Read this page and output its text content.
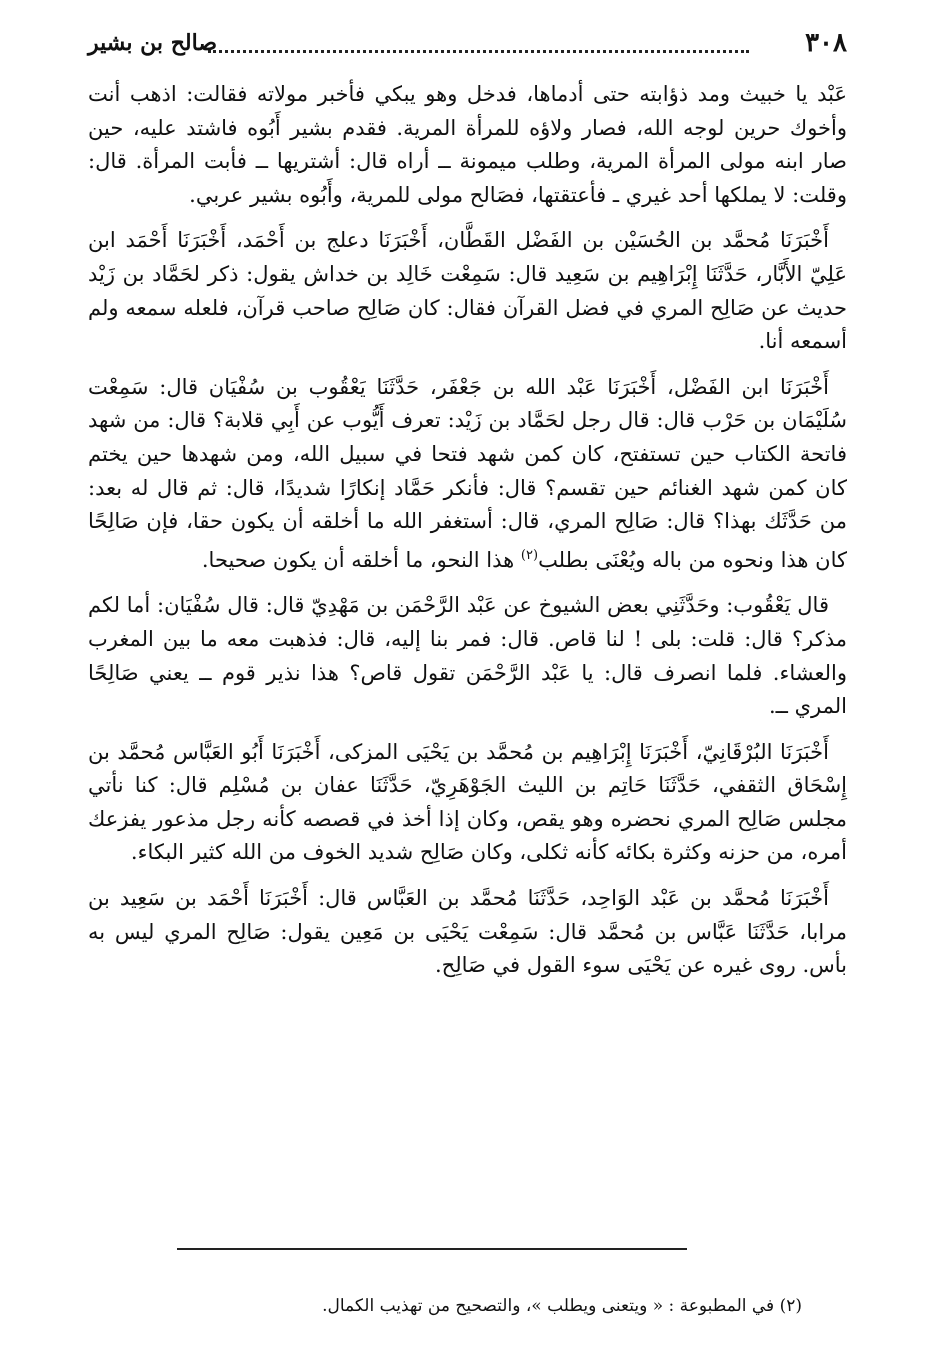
٣٠٨
صالح بن بشير

عَبْد يا خبيث ومد ذؤابته حتى أدماها، فدخل وهو يبكي فأخبر مولاته فقالت: اذهب أنت وأخوك حرين لوجه الله، فصار ولاؤه للمرأة المرية. فقدم بشير أَبُوه فاشتد عليه، حين صار ابنه مولى المرأة المرية، وطلب ميمونة ــ أراه قال: أشتريها ــ فأبت المرأة. قال: وقلت: لا يملكها أحد غيري ـ فأعتقتها، فصَالح مولى للمرية، وأَبُوه بشير عربي.

أَخْبَرَنَا مُحمَّد بن الحُسَيْن بن الفَضْل القَطَّان، أَخْبَرَنَا دعلج بن أَحْمَد، أَخْبَرَنَا أَحْمَد ابن عَلِيّ الأَبَّار، حَدَّثَنَا إِبْرَاهِيم بن سَعِيد قال: سَمِعْت خَالِد بن خداش يقول: ذكر لحَمَّاد بن زَيْد حديث عن صَالِح المري في فضل القرآن فقال: كان صَالِح صاحب قرآن، فلعله سمعه ولم أسمعه أنا.

أَخْبَرَنَا ابن الفَضْل، أَخْبَرَنَا عَبْد الله بن جَعْفَر، حَدَّثَنَا يَعْقُوب بن سُفْيَان قال: سَمِعْت سُلَيْمَان بن حَرْب قال: قال رجل لحَمَّاد بن زَيْد: تعرف أَيُّوب عن أَبِي قلابة؟ قال: من شهد فاتحة الكتاب حين تستفتح، كان كمن شهد فتحا في سبيل الله، ومن شهدها حين يختم كان كمن شهد الغنائم حين تقسم؟ قال: فأنكر حَمَّاد إنكارًا شديدًا، قال: ثم قال له بعد: من حَدَّثَك بهذا؟ قال: صَالِح المري، قال: أستغفر الله ما أخلقه أن يكون حقا، فإن صَالِحًا كان هذا ونحوه من باله ويُعْنَى بطلب$^{(٢)}$ هذا النحو، ما أخلقه أن يكون صحيحا.

قال يَعْقُوب: وحَدَّثَنِي بعض الشيوخ عن عَبْد الرَّحْمَن بن مَهْدِيّ قال: قال سُفْيَان: أما لكم مذكر؟ قال: قلت: بلى ! لنا قاص. قال: فمر بنا إليه، قال: فذهبت معه ما بين المغرب والعشاء. فلما انصرف قال: يا عَبْد الرَّحْمَن تقول قاص؟ هذا نذير قوم ــ يعني صَالِحًا المري ــ.

أَخْبَرَنَا البُرْقَانِيّ، أَخْبَرَنَا إِبْرَاهِيم بن مُحمَّد بن يَحْيَى المزكى، أَخْبَرَنَا أَبُو العَبَّاس مُحمَّد بن إِسْحَاق الثقفي، حَدَّثَنَا حَاتِم بن الليث الجَوْهَرِيّ، حَدَّثَنَا عفان بن مُسْلِم قال: كنا نأتي مجلس صَالِح المري نحضره وهو يقص، وكان إذا أخذ في قصصه كأنه رجل مذعور يفزعك أمره، من حزنه وكثرة بكائه كأنه ثكلى، وكان صَالِح شديد الخوف من الله كثير البكاء.

أَخْبَرَنَا مُحمَّد بن عَبْد الوَاحِد، حَدَّثَنَا مُحمَّد بن العَبَّاس قال: أَخْبَرَنَا أَحْمَد بن سَعِيد بن مرابا، حَدَّثَنَا عَبَّاس بن مُحمَّد قال: سَمِعْت يَحْيَى بن مَعِين يقول: صَالِح المري ليس به بأس. روى غيره عن يَحْيَى سوء القول في صَالِح.

(٢) في المطبوعة : « ويتعنى ويطلب »، والتصحيح من تهذيب الكمال.
